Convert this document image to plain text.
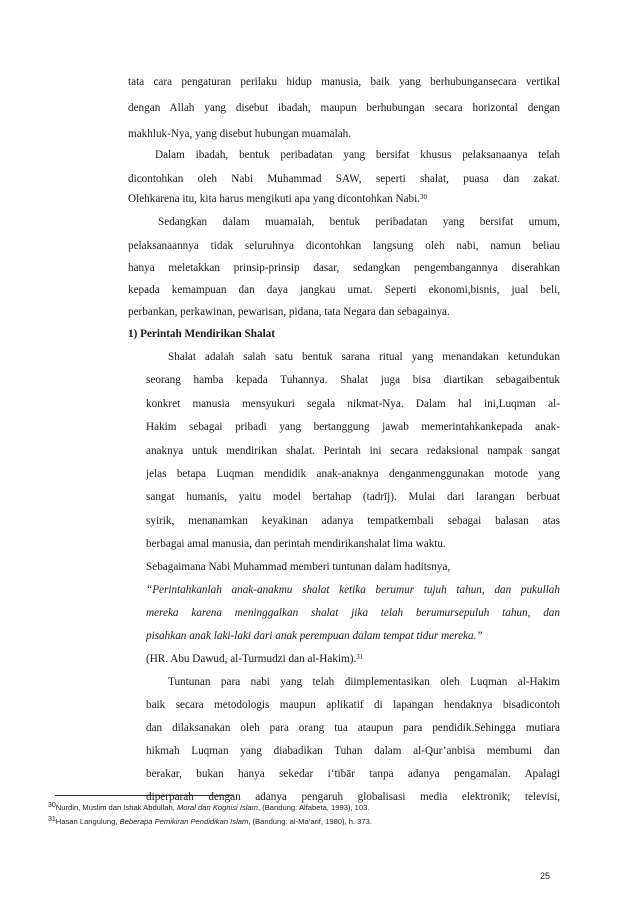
tata cara pengaturan perilaku hidup manusia, baik yang berhubungansecara vertikal
dengan Allah yang disebut ibadah, maupun berhubungan secara horizontal dengan
makhluk-Nya, yang disebut hubungan muamalah.
Dalam ibadah, bentuk peribadatan yang bersifat khusus pelaksanaanya telah
dicontohkan oleh Nabi Muhammad SAW, seperti shalat, puasa dan zakat.
Olehkarena itu, kita harus mengikuti apa yang dicontohkan Nabi.$^{30}$
Sedangkan dalam muamalah, bentuk peribadatan yang bersifat umum,
pelaksanaannya tidak seluruhnya dicontohkan langsung oleh nabi, namun beliau
hanya meletakkan prinsip-prinsip dasar, sedangkan pengembangannya diserahkan
kepada kemampuan dan daya jangkau umat. Seperti ekonomi,bisnis, jual beli,
perbankan, perkawinan, pewarisan, pidana, tata Negara dan sebagainya.
1) Perintah Mendirikan Shalat
Shalat adalah salah satu bentuk sarana ritual yang menandakan ketundukan
seorang hamba kepada Tuhannya. Shalat juga bisa diartikan sebagaibentuk
konkret manusia mensyukuri segala nikmat-Nya. Dalam hal ini,Luqman al-
Hakim sebagai pribadi yang bertanggung jawab memerintahkankepada anak-
anaknya untuk mendirikan shalat. Perintah ini secara redaksional nampak sangat
jelas betapa Luqman mendidik anak-anaknya denganmenggunakan motode yang
sangat humanis, yaitu model bertahap (tadrīj). Mulai dari larangan berbuat
syirik, menanamkan keyakinan adanya tempatkembali sebagai balasan atas
berbagai amal manusia, dan perintah mendirikanshalat lima waktu.
Sebagaimana Nabi Muhammad memberi tuntunan dalam haditsnya,
“Perintahkanlah anak-anakmu shalat ketika berumur tujuh tahun, dan pukullah
mereka karena meninggalkan shalat jika telah berumursepuluh tahun, dan
pisahkan anak laki-laki dari anak perempuan dalam tempat tidur mereka.”
(HR. Abu Dawud, al-Turmudzi dan al-Hakim).$^{31}$
Tuntunan para nabi yang telah diimplementasikan oleh Luqman al-Hakim
baik secara metodologis maupun aplikatif di lapangan hendaknya bisadicontoh
dan dilaksanakan oleh para orang tua ataupun para pendidik.Sehingga mutiara
hikmah Luqman yang diabadikan Tuhan dalam al-Qur’anbisa membumi dan
berakar, bukan hanya sekedar i‘tibār tanpa adanya pengamalan. Apalagi
diperparah dengan adanya pengaruh globalisasi media elektronik; televisi,
$^{30}$Nurdin, Muslim dan Ishak Abdullah, Moral dan Kognisi Islam, (Bandung: Alfabeta, 1993), 103.
$^{31}$Hasan Langulung, Beberapa Pemikiran Pendidikan Islam, (Bandung: al-Ma’arif, 1980), h. 373.
25
